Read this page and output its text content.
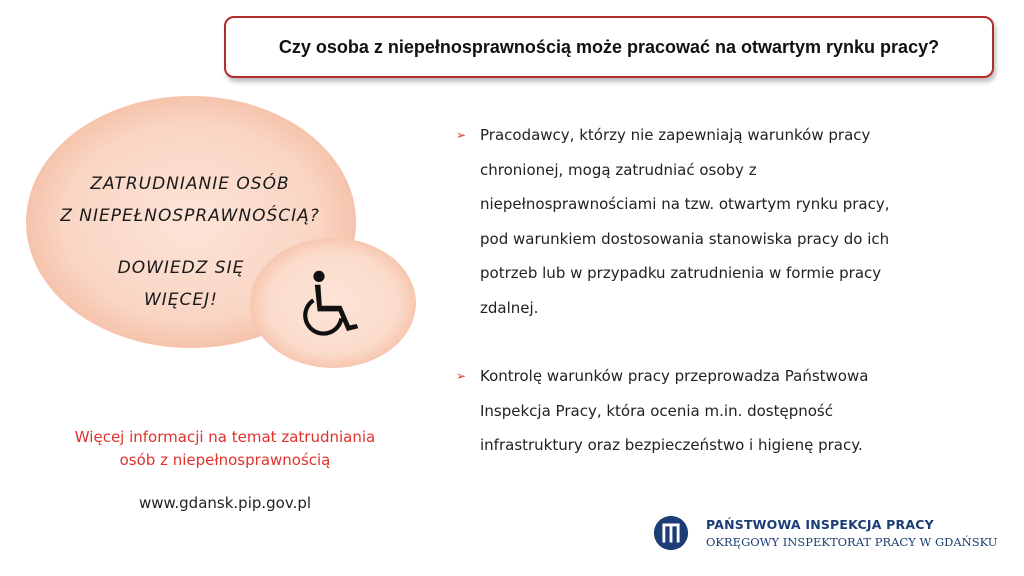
Czy osoba z niepełnosprawnością może pracować na otwartym rynku pracy?
ZATRUDNIANIE OSÓB
Z NIEPEŁNOSPRAWNOŚCIĄ?
DOWIEDZ SIĘ
WIĘCEJ!
Więcej informacji na temat zatrudniania
osób z niepełnosprawnością
www.gdansk.pip.gov.pl
➢ Pracodawcy, którzy nie zapewniają warunków pracy
chronionej, mogą zatrudniać osoby z
niepełnosprawnościami na tzw. otwartym rynku pracy,
pod warunkiem dostosowania stanowiska pracy do ich
potrzeb lub w przypadku zatrudnienia w formie pracy
zdalnej.
➢ Kontrolę warunków pracy przeprowadza Państwowa
Inspekcja Pracy, która ocenia m.in. dostępność
infrastruktury oraz bezpieczeństwo i higienę pracy.
PAŃSTWOWA INSPEKCJA PRACY
OKRĘGOWY INSPEKTORAT PRACY W GDAŃSKU
